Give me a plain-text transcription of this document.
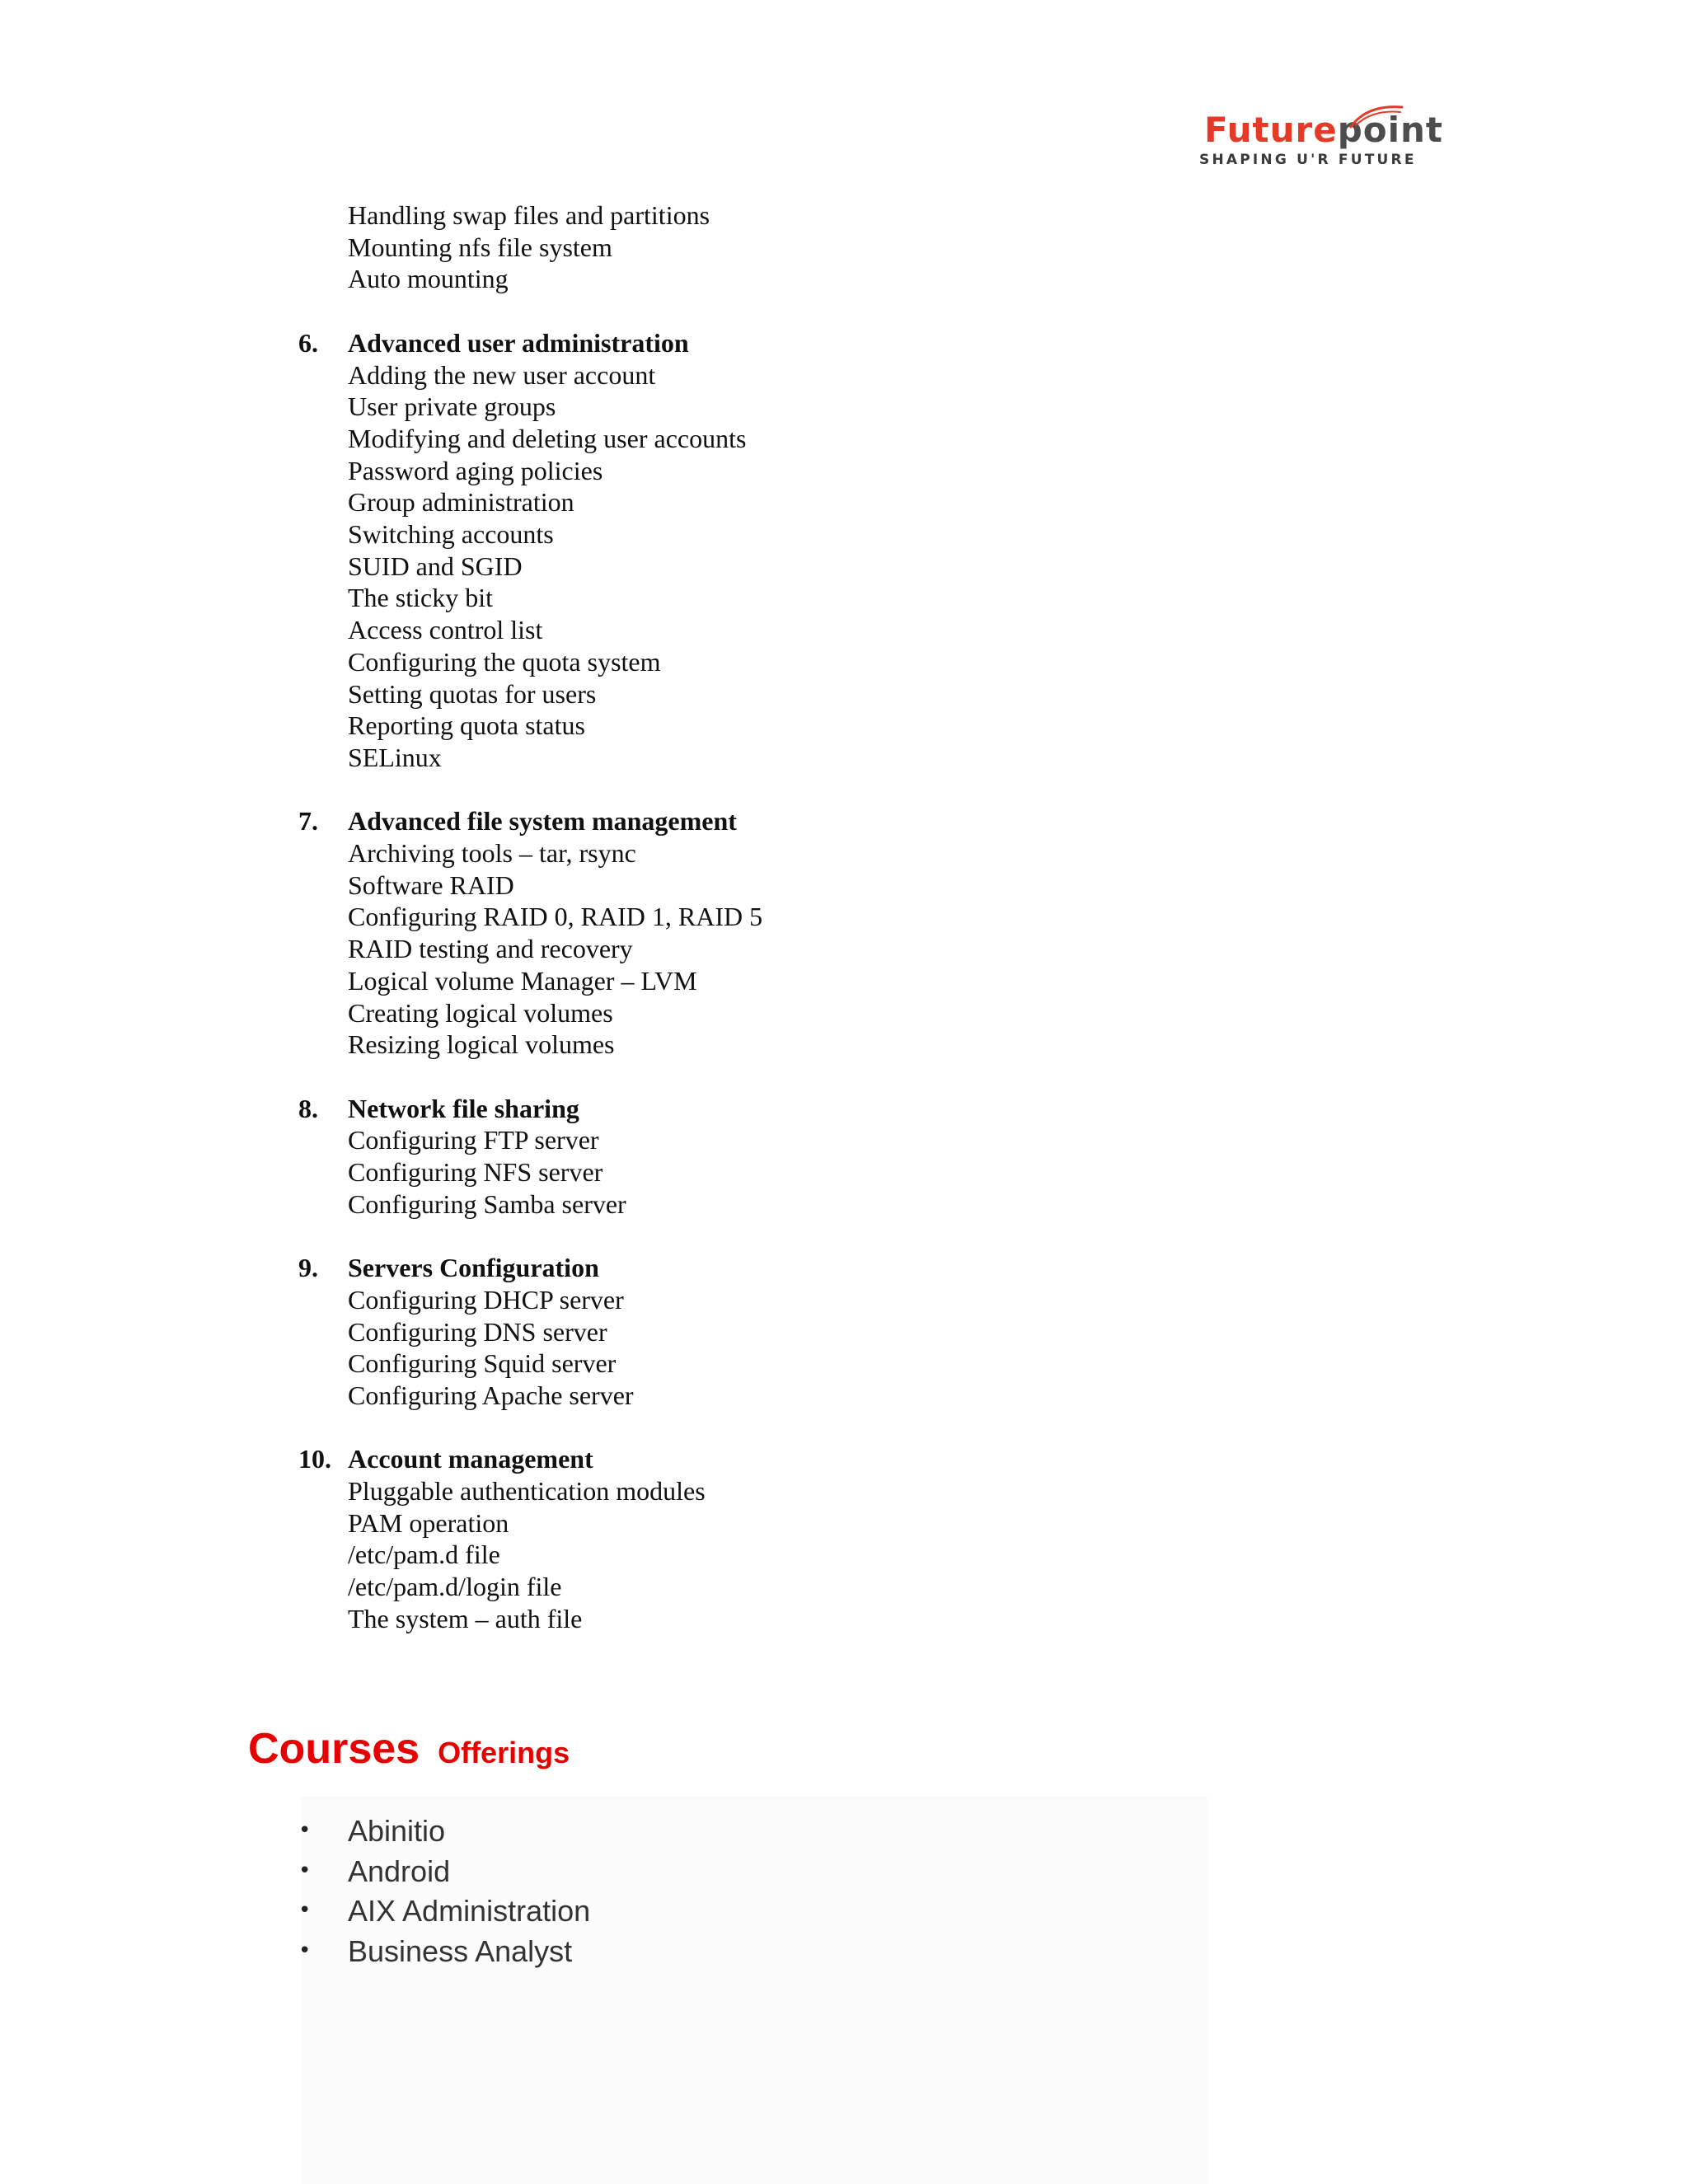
Futurepoint
SHAPING U'R FUTURE
Handling swap files and partitions
Mounting nfs file system
Auto mounting
6. Advanced user administration
Adding the new user account
User private groups
Modifying and deleting user accounts
Password aging policies
Group administration
Switching accounts
SUID and SGID
The sticky bit
Access control list
Configuring the quota system
Setting quotas for users
Reporting quota status
SELinux
7. Advanced file system management
Archiving tools – tar, rsync
Software RAID
Configuring RAID 0, RAID 1, RAID 5
RAID testing and recovery
Logical volume Manager – LVM
Creating logical volumes
Resizing logical volumes
8. Network file sharing
Configuring FTP server
Configuring NFS server
Configuring Samba server
9. Servers Configuration
Configuring DHCP server
Configuring DNS server
Configuring Squid server
Configuring Apache server
10. Account management
Pluggable authentication modules
PAM operation
/etc/pam.d file
/etc/pam.d/login file
The system – auth file
Courses Offerings
• Abinitio
• Android
• AIX Administration
• Business Analyst
